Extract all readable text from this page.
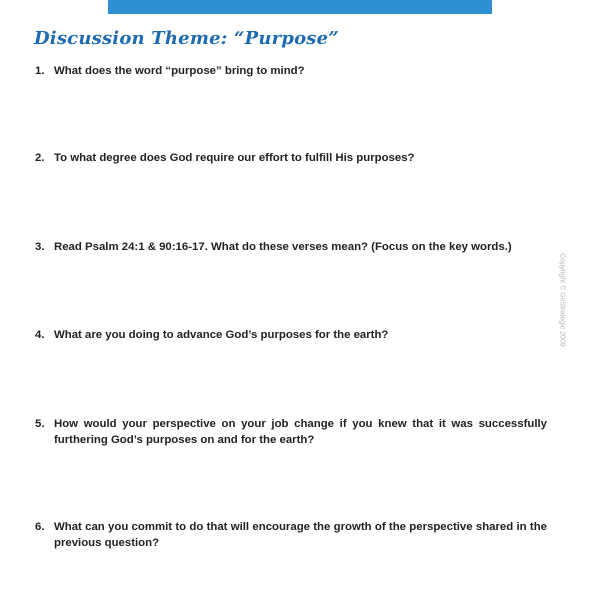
Discussion Theme: “Purpose”
1. What does the word “purpose” bring to mind?
2. To what degree does God require our effort to fulfill His purposes?
3. Read Psalm 24:1 & 90:16-17. What do these verses mean? (Focus on the key words.)
4. What are you doing to advance God’s purposes for the earth?
5. How would your perspective on your job change if you knew that it was successfully furthering God’s purposes on and for the earth?
6. What can you commit to do that will encourage the growth of the perspective shared in the previous question?
Copyright © GoStrategic 2009
